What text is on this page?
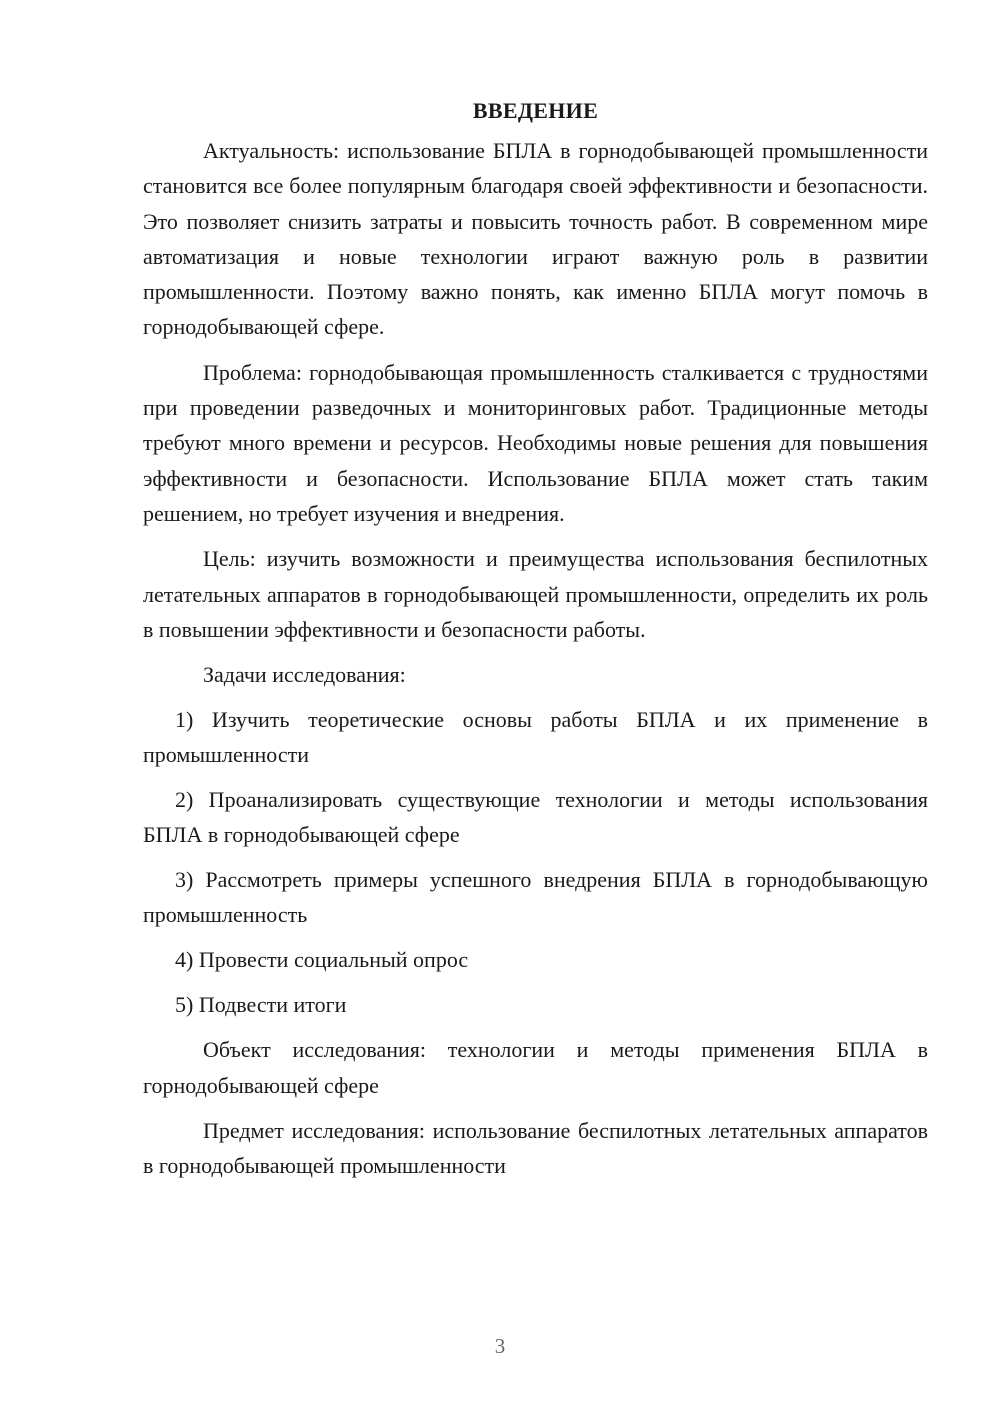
ВВЕДЕНИЕ

Актуальность: использование БПЛА в горнодобывающей промышленности становится все более популярным благодаря своей эффективности и безопасности. Это позволяет снизить затраты и повысить точность работ. В современном мире автоматизация и новые технологии играют важную роль в развитии промышленности. Поэтому важно понять, как именно БПЛА могут помочь в горнодобывающей сфере.

Проблема: горнодобывающая промышленность сталкивается с трудностями при проведении разведочных и мониторинговых работ. Традиционные методы требуют много времени и ресурсов. Необходимы новые решения для повышения эффективности и безопасности. Использование БПЛА может стать таким решением, но требует изучения и внедрения.

Цель: изучить возможности и преимущества использования беспилотных летательных аппаратов в горнодобывающей промышленности, определить их роль в повышении эффективности и безопасности работы.

Задачи исследования:

1) Изучить теоретические основы работы БПЛА и их применение в промышленности

2) Проанализировать существующие технологии и методы использования БПЛА в горнодобывающей сфере

3) Рассмотреть примеры успешного внедрения БПЛА в горнодобывающую промышленность

4) Провести социальный опрос

5) Подвести итоги

Объект исследования: технологии и методы применения БПЛА в горнодобывающей сфере

Предмет исследования: использование беспилотных летательных аппаратов в горнодобывающей промышленности

3
